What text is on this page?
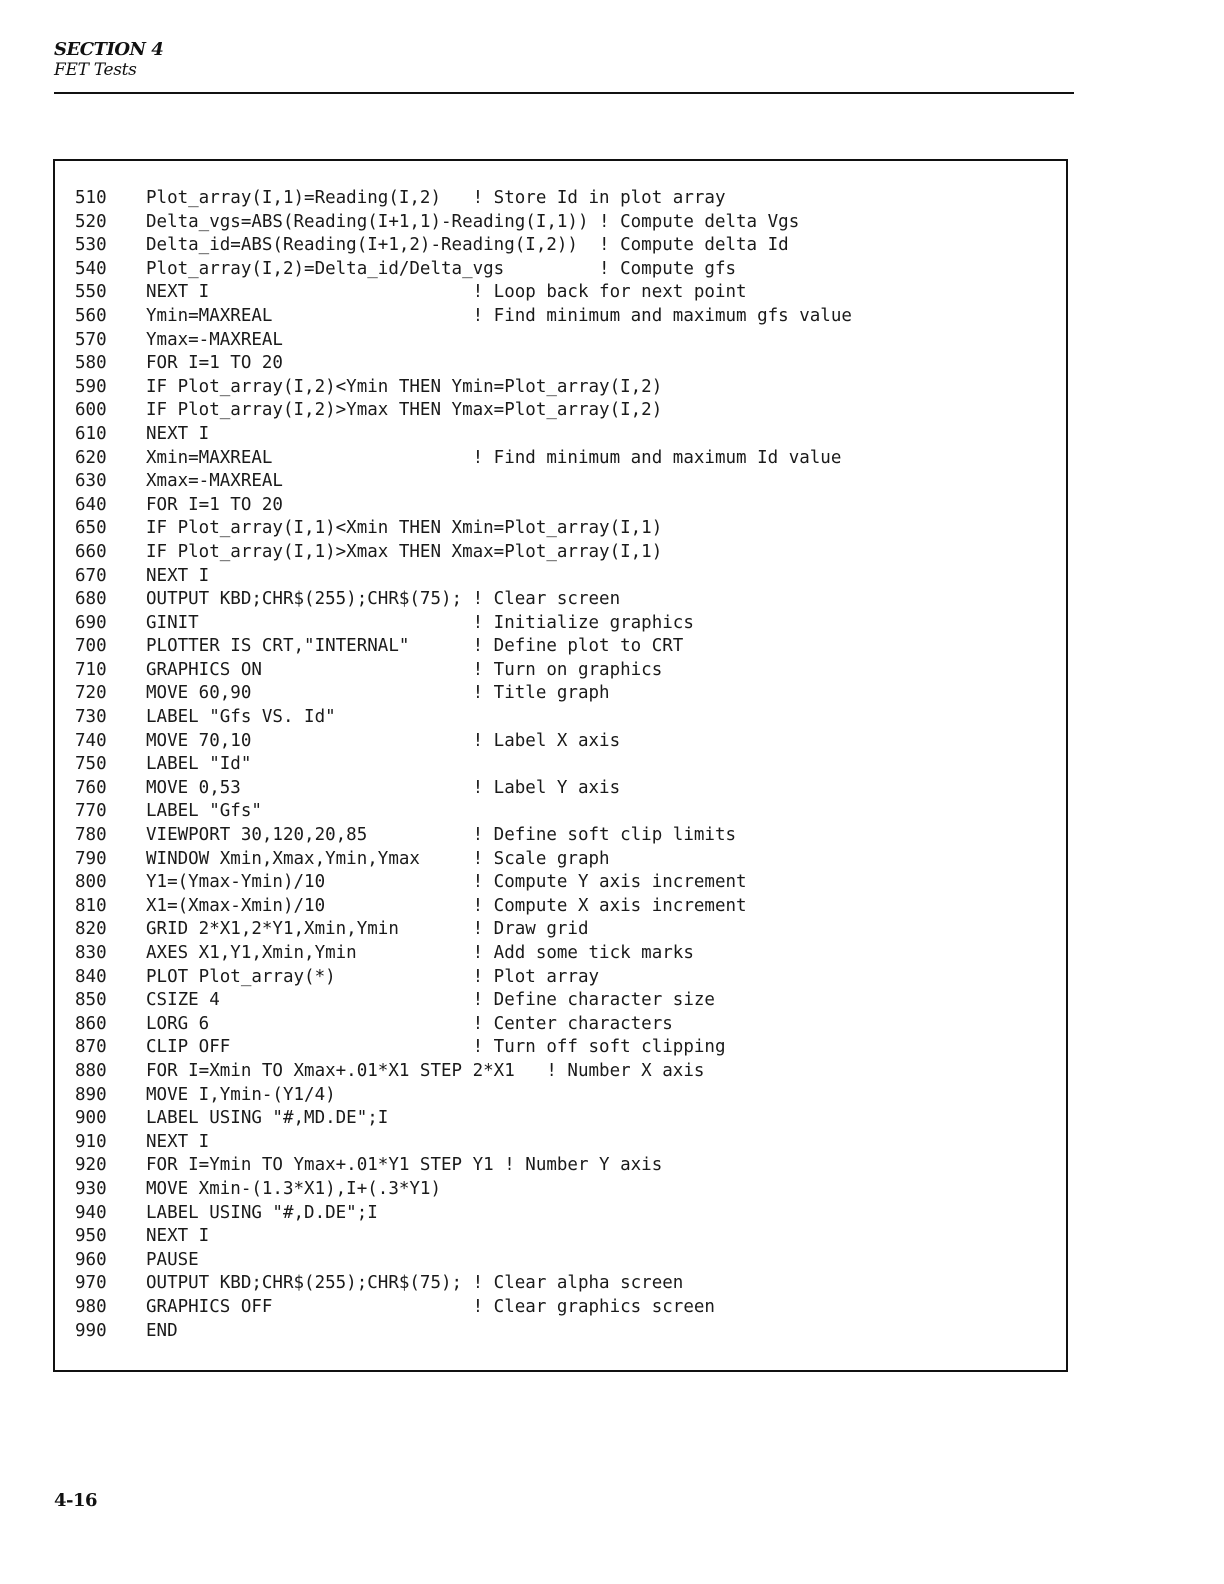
SECTION 4
FET Tests
510 Plot_array(I,1)=Reading(I,2)   ! Store Id in plot array
520 Delta_vgs=ABS(Reading(I+1,1)-Reading(I,1)) ! Compute delta Vgs
530 Delta_id=ABS(Reading(I+1,2)-Reading(I,2))  ! Compute delta Id
540 Plot_array(I,2)=Delta_id/Delta_vgs         ! Compute gfs
550 NEXT I                         ! Loop back for next point
560 Ymin=MAXREAL                   ! Find minimum and maximum gfs value
570 Ymax=-MAXREAL
580 FOR I=1 TO 20
590 IF Plot_array(I,2)<Ymin THEN Ymin=Plot_array(I,2)
600 IF Plot_array(I,2)>Ymax THEN Ymax=Plot_array(I,2)
610 NEXT I
620 Xmin=MAXREAL                   ! Find minimum and maximum Id value
630 Xmax=-MAXREAL
640 FOR I=1 TO 20
650 IF Plot_array(I,1)<Xmin THEN Xmin=Plot_array(I,1)
660 IF Plot_array(I,1)>Xmax THEN Xmax=Plot_array(I,1)
670 NEXT I
680 OUTPUT KBD;CHR$(255);CHR$(75); ! Clear screen
690 GINIT                          ! Initialize graphics
700 PLOTTER IS CRT,"INTERNAL"      ! Define plot to CRT
710 GRAPHICS ON                    ! Turn on graphics
720 MOVE 60,90                     ! Title graph
730 LABEL "Gfs VS. Id"
740 MOVE 70,10                     ! Label X axis
750 LABEL "Id"
760 MOVE 0,53                      ! Label Y axis
770 LABEL "Gfs"
780 VIEWPORT 30,120,20,85          ! Define soft clip limits
790 WINDOW Xmin,Xmax,Ymin,Ymax     ! Scale graph
800 Y1=(Ymax-Ymin)/10              ! Compute Y axis increment
810 X1=(Xmax-Xmin)/10              ! Compute X axis increment
820 GRID 2*X1,2*Y1,Xmin,Ymin       ! Draw grid
830 AXES X1,Y1,Xmin,Ymin           ! Add some tick marks
840 PLOT Plot_array(*)             ! Plot array
850 CSIZE 4                        ! Define character size
860 LORG 6                         ! Center characters
870 CLIP OFF                       ! Turn off soft clipping
880 FOR I=Xmin TO Xmax+.01*X1 STEP 2*X1   ! Number X axis
890 MOVE I,Ymin-(Y1/4)
900 LABEL USING "#,MD.DE";I
910 NEXT I
920 FOR I=Ymin TO Ymax+.01*Y1 STEP Y1 ! Number Y axis
930 MOVE Xmin-(1.3*X1),I+(.3*Y1)
940 LABEL USING "#,D.DE";I
950 NEXT I
960 PAUSE
970 OUTPUT KBD;CHR$(255);CHR$(75); ! Clear alpha screen
980 GRAPHICS OFF                   ! Clear graphics screen
990 END
4-16
